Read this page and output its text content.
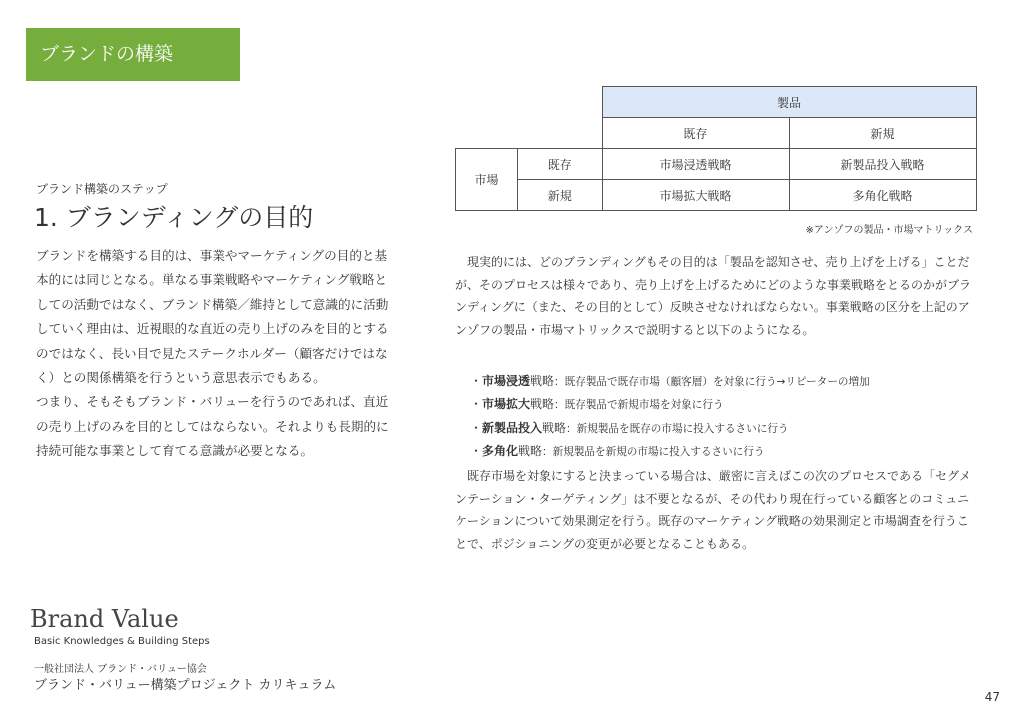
ブランドの構築
ブランド構築のステップ
1. ブランディングの目的

ブランドを構築する目的は、事業やマーケティングの目的と基本的には同じとなる。単なる事業戦略やマーケティング戦略としての活動ではなく、ブランド構築／維持として意識的に活動していく理由は、近視眼的な直近の売り上げのみを目的とするのではなく、長い目で見たステークホルダー（顧客だけではなく）との関係構築を行うという意思表示でもある。

つまり、そもそもブランド・バリューを行うのであれば、直近の売り上げのみを目的としてはならない。それよりも長期的に持続可能な事業として育てる意識が必要となる。

		製品	
		既存	新規
市場	既存	市場浸透戦略	新製品投入戦略
	新規	市場拡大戦略	多角化戦略
※アンゾフの製品・市場マトリックス

現実的には、どのブランディングもその目的は「製品を認知させ、売り上げを上げる」ことだが、そのプロセスは様々であり、売り上げを上げるためにどのような事業戦略をとるのかがブランディングに（また、その目的として）反映させなければならない。事業戦略の区分を上記のアンゾフの製品・市場マトリックスで説明すると以下のようになる。

・市場浸透戦略：既存製品で既存市場（顧客層）を対象に行う→リピーターの増加
・市場拡大戦略：既存製品で新規市場を対象に行う
・新製品投入戦略：新規製品を既存の市場に投入するさいに行う
・多角化戦略：新規製品を新規の市場に投入するさいに行う

既存市場を対象にすると決まっている場合は、厳密に言えばこの次のプロセスである「セグメンテーション・ターゲティング」は不要となるが、その代わり現在行っている顧客とのコミュニケーションについて効果測定を行う。既存のマーケティング戦略の効果測定と市場調査を行うことで、ポジショニングの変更が必要となることもある。

Brand Value
Basic Knowledges & Building Steps
一般社団法人 ブランド・バリュー協会
ブランド・バリュー構築プロジェクト カリキュラム
47
